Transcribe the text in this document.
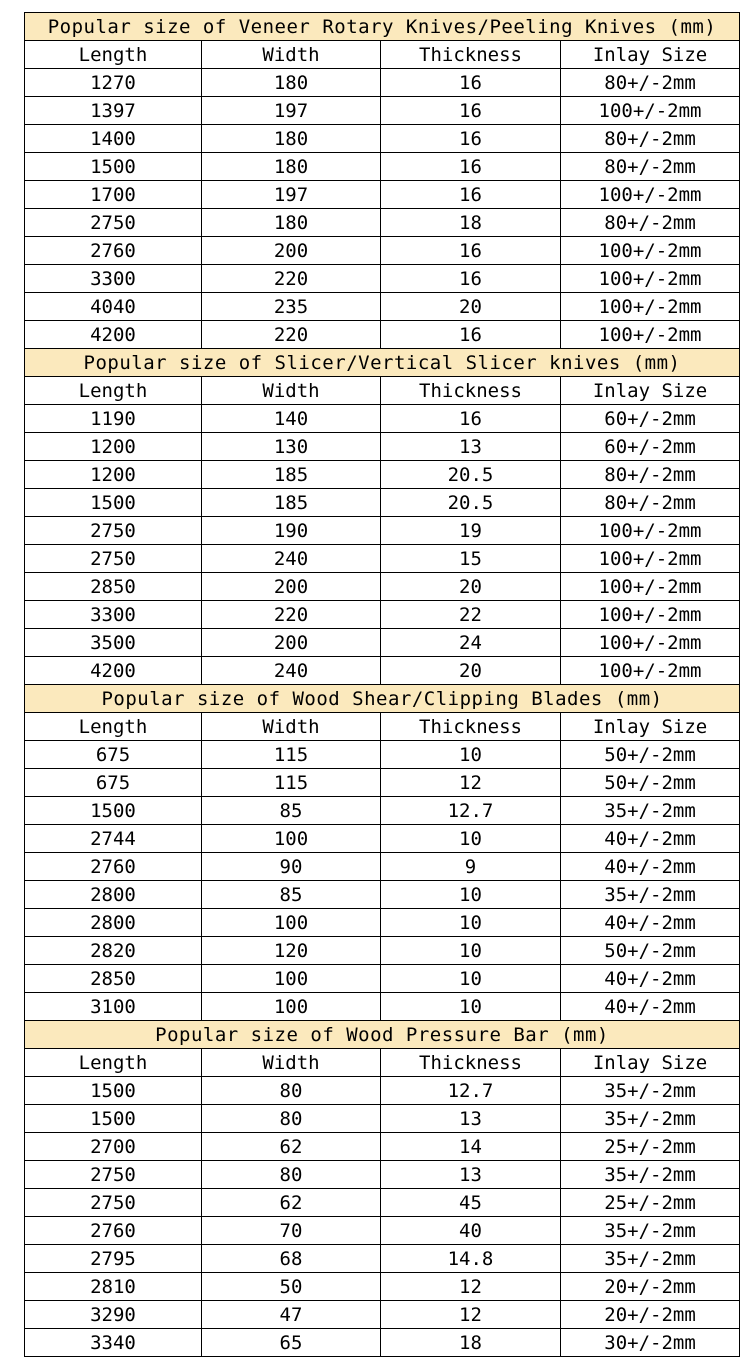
Popular size of Veneer Rotary Knives/Peeling Knives (mm)			
Length	Width	Thickness	Inlay Size
1270	180	16	80+/-2mm
1397	197	16	100+/-2mm
1400	180	16	80+/-2mm
1500	180	16	80+/-2mm
1700	197	16	100+/-2mm
2750	180	18	80+/-2mm
2760	200	16	100+/-2mm
3300	220	16	100+/-2mm
4040	235	20	100+/-2mm
4200	220	16	100+/-2mm
Popular size of Slicer/Vertical Slicer knives (mm)			
Length	Width	Thickness	Inlay Size
1190	140	16	60+/-2mm
1200	130	13	60+/-2mm
1200	185	20.5	80+/-2mm
1500	185	20.5	80+/-2mm
2750	190	19	100+/-2mm
2750	240	15	100+/-2mm
2850	200	20	100+/-2mm
3300	220	22	100+/-2mm
3500	200	24	100+/-2mm
4200	240	20	100+/-2mm
Popular size of Wood Shear/Clipping Blades (mm)			
Length	Width	Thickness	Inlay Size
675	115	10	50+/-2mm
675	115	12	50+/-2mm
1500	85	12.7	35+/-2mm
2744	100	10	40+/-2mm
2760	90	9	40+/-2mm
2800	85	10	35+/-2mm
2800	100	10	40+/-2mm
2820	120	10	50+/-2mm
2850	100	10	40+/-2mm
3100	100	10	40+/-2mm
Popular size of Wood Pressure Bar (mm)			
Length	Width	Thickness	Inlay Size
1500	80	12.7	35+/-2mm
1500	80	13	35+/-2mm
2700	62	14	25+/-2mm
2750	80	13	35+/-2mm
2750	62	45	25+/-2mm
2760	70	40	35+/-2mm
2795	68	14.8	35+/-2mm
2810	50	12	20+/-2mm
3290	47	12	20+/-2mm
3340	65	18	30+/-2mm
